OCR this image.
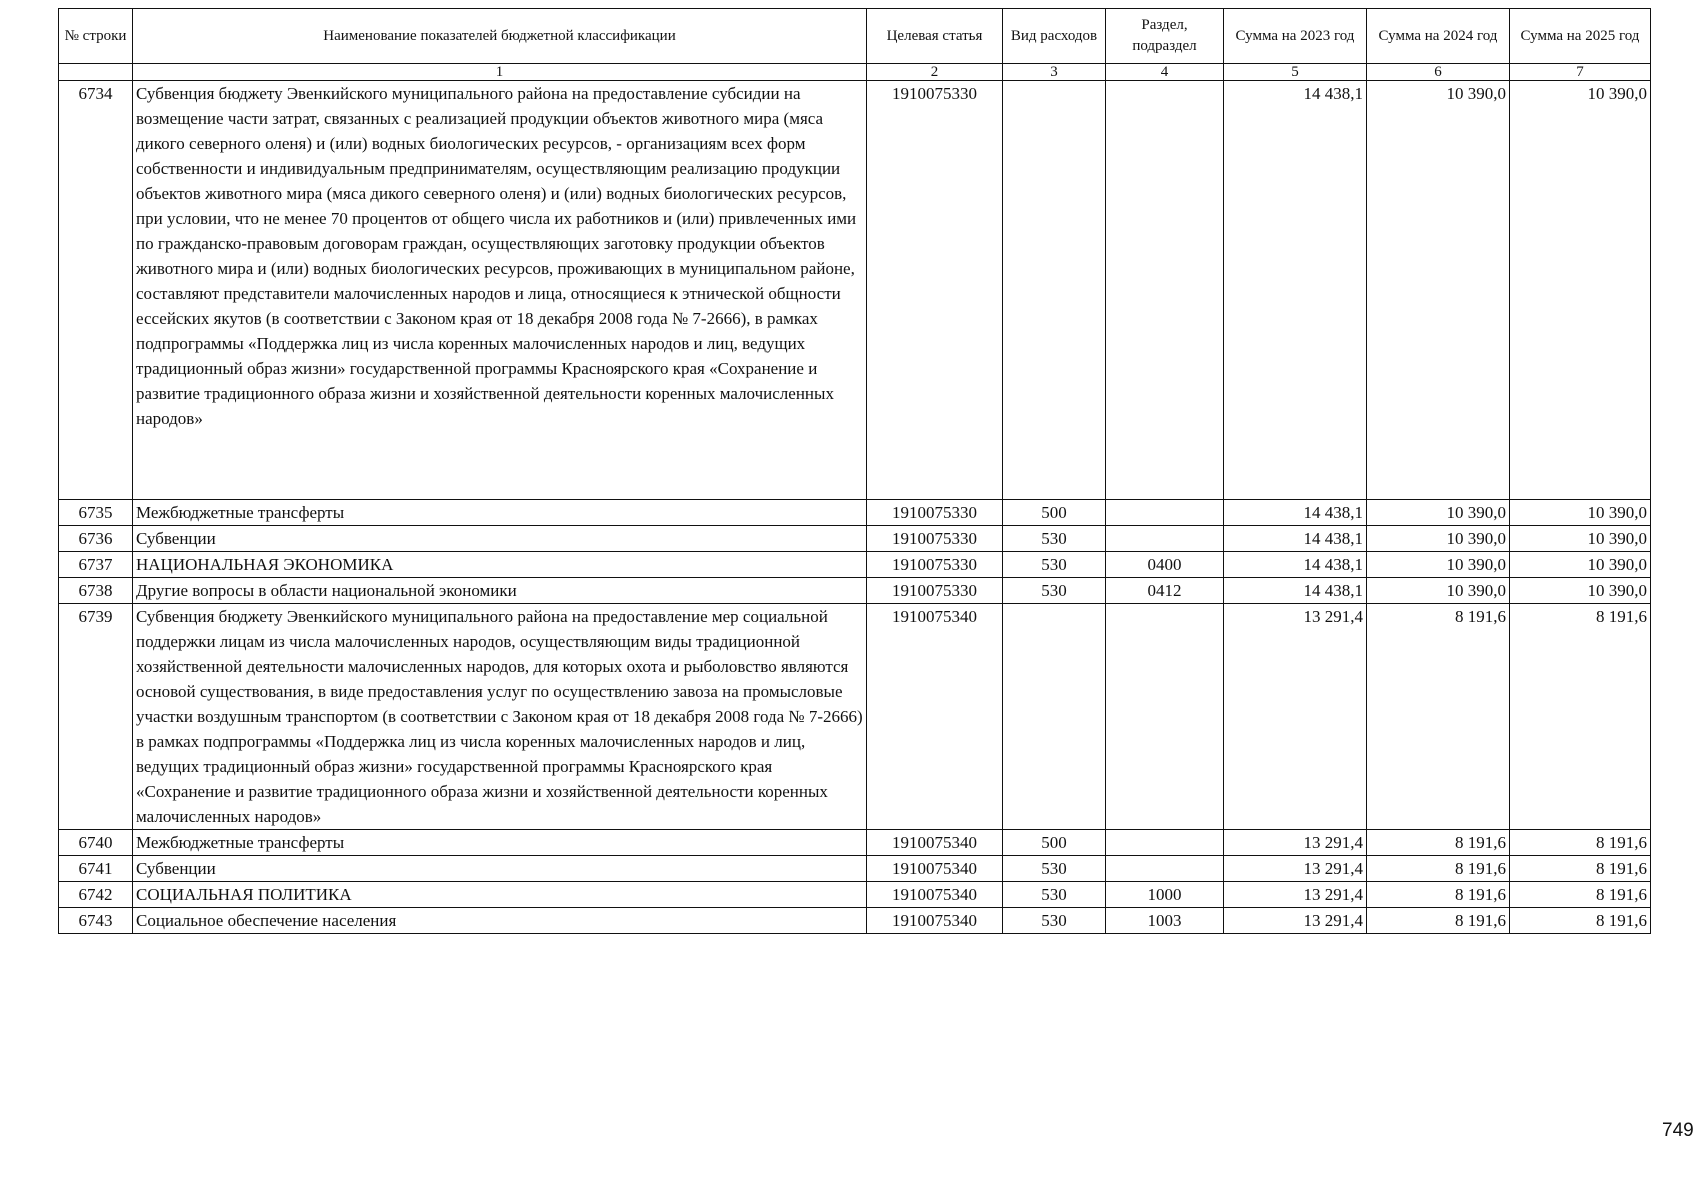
№ строки	Наименование показателей бюджетной классификации	Целевая статья	Вид расходов	Раздел, подраздел	Сумма на 2023 год	Сумма на 2024 год	Сумма на 2025 год
	1	2	3	4	5	6	7
6734	Субвенция бюджету Эвенкийского муниципального района на предоставление субсидии на возмещение части затрат, связанных с реализацией продукции объектов животного мира (мяса дикого северного оленя) и (или) водных биологических ресурсов, - организациям всех форм собственности и индивидуальным предпринимателям, осуществляющим реализацию продукции объектов животного мира (мяса дикого северного оленя) и (или) водных биологических ресурсов, при условии, что не менее 70 процентов от общего числа их работников и (или) привлеченных ими по гражданско-правовым договорам граждан, осуществляющих заготовку продукции объектов животного мира и (или) водных биологических ресурсов, проживающих в муниципальном районе, составляют представители малочисленных народов и лица, относящиеся к этнической общности ессейских якутов (в соответствии с Законом края от 18 декабря 2008 года № 7-2666), в рамках подпрограммы «Поддержка лиц из числа коренных малочисленных народов и лиц, ведущих традиционный образ жизни» государственной программы Красноярского края «Сохранение и развитие традиционного образа жизни и хозяйственной деятельности коренных малочисленных народов»	1910075330			14 438,1	10 390,0	10 390,0
6735	Межбюджетные трансферты	1910075330	500		14 438,1	10 390,0	10 390,0
6736	Субвенции	1910075330	530		14 438,1	10 390,0	10 390,0
6737	НАЦИОНАЛЬНАЯ ЭКОНОМИКА	1910075330	530	0400	14 438,1	10 390,0	10 390,0
6738	Другие вопросы в области национальной экономики	1910075330	530	0412	14 438,1	10 390,0	10 390,0
6739	Субвенция бюджету Эвенкийского муниципального района на предоставление мер социальной поддержки лицам из числа малочисленных народов, осуществляющим виды традиционной хозяйственной деятельности малочисленных народов, для которых охота и рыболовство являются основой существования, в виде предоставления услуг по осуществлению завоза на промысловые участки воздушным транспортом (в соответствии с Законом края от 18 декабря 2008 года № 7-2666) в рамках подпрограммы «Поддержка лиц из числа коренных малочисленных народов и лиц, ведущих традиционный образ жизни» государственной программы Красноярского края «Сохранение и развитие традиционного образа жизни и хозяйственной деятельности коренных малочисленных народов»	1910075340			13 291,4	8 191,6	8 191,6
6740	Межбюджетные трансферты	1910075340	500		13 291,4	8 191,6	8 191,6
6741	Субвенции	1910075340	530		13 291,4	8 191,6	8 191,6
6742	СОЦИАЛЬНАЯ ПОЛИТИКА	1910075340	530	1000	13 291,4	8 191,6	8 191,6
6743	Социальное обеспечение населения	1910075340	530	1003	13 291,4	8 191,6	8 191,6
749
